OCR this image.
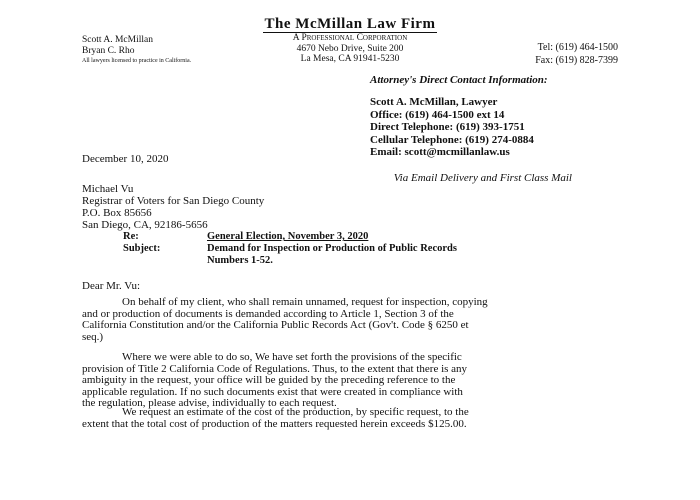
The McMillan Law Firm
A Professional Corporation
4670 Nebo Drive, Suite 200
La Mesa, CA 91941-5230
Scott A. McMillan
Bryan C. Rho
All lawyers licensed to practice in California.
Tel: (619) 464-1500
Fax: (619) 828-7399
Attorney's Direct Contact Information:
Scott A. McMillan, Lawyer
Office: (619) 464-1500 ext 14
Direct Telephone: (619) 393-1751
Cellular Telephone: (619) 274-0884
Email: scott@mcmillanlaw.us
December 10, 2020
Via Email Delivery and First Class Mail
Michael Vu
Registrar of Voters for San Diego County
P.O. Box 85656
San Diego, CA, 92186-5656
Re:	General Election, November 3, 2020
Subject:	Demand for Inspection or Production of Public Records
Numbers 1-52.
Dear Mr. Vu:
On behalf of my client, who shall remain unnamed, request for inspection, copying
and or production of documents is demanded according to Article 1, Section 3 of the
California Constitution and/or the California Public Records Act (Gov't. Code § 6250 et
seq.)
Where we were able to do so, We have set forth the provisions of the specific
provision of Title 2 California Code of Regulations. Thus, to the extent that there is any
ambiguity in the request, your office will be guided by the preceding reference to the
applicable regulation. If no such documents exist that were created in compliance with
the regulation, please advise, individually to each request.
We request an estimate of the cost of the production, by specific request, to the
extent that the total cost of production of the matters requested herein exceeds $125.00.
